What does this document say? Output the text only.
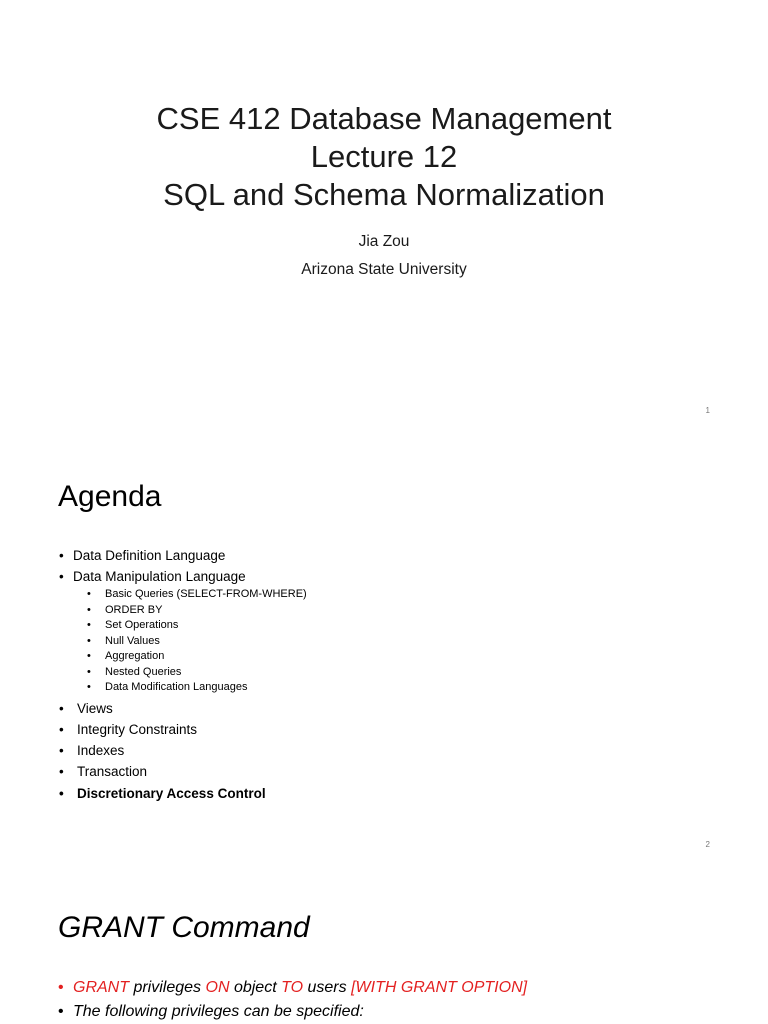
CSE 412 Database Management
Lecture 12
SQL and Schema Normalization
Jia Zou
Arizona State University
1
Agenda
• Data Definition Language
• Data Manipulation Language
• Basic Queries (SELECT-FROM-WHERE)
• ORDER BY
• Set Operations
• Null Values
• Aggregation
• Nested Queries
• Data Modification Languages
• Views
• Integrity Constraints
• Indexes
• Transaction
• Discretionary Access Control
2
GRANT Command
• GRANT privileges ON object TO users [WITH GRANT OPTION]
• The following privileges can be specified:
